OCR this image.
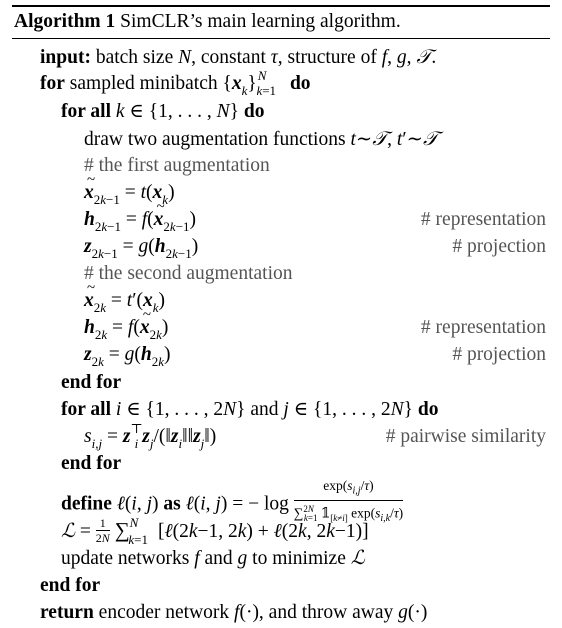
Algorithm 1 SimCLR’s main learning algorithm.
input: batch size N, constant τ, structure of f, g, 𝒯.
for sampled minibatch $\{x_k\}^N_{k=1}$ do
for all k ∈ {1, . . . , N} do
draw two augmentation functions t∼𝒯, t′∼𝒯
# the first augmentation
~ $x_{2k-1} = t(x_k)$
$h_{2k-1}$ = f(~ $x_{2k-1}$)	# representation
$z_{2k-1} = g(h_{2k-1})$	# projection
# the second augmentation
~ $x_{2k} = t'(x_k)$
$h_{2k}$ = f(~ $x_{2k}$)	# representation
$z_{2k} = g(h_{2k})$	# projection
end for
for all i ∈ {1, . . . , 2N} and j ∈ {1, . . . , 2N} do
$s_{i,j} = z^⊤_i$ $z_j/(‖z_i‖‖z_j‖)$	# pairwise similarity
end for
define ℓ(i, j) as ℓ(i, j) = − $\log \frac{\exp(s_{i,j}/\tau)}{\sum^{2N}_{k=1} 𝟙_{[k\ne i]} \exp(s_{i,k}/\tau)}$
ℒ = $\frac{1}{2N} \sum^N_{k=1}$ [ℓ(2k−1, 2k) + ℓ(2k, 2k−1)]
update networks f and g to minimize ℒ
end for
return encoder network f(·), and throw away g(·)
